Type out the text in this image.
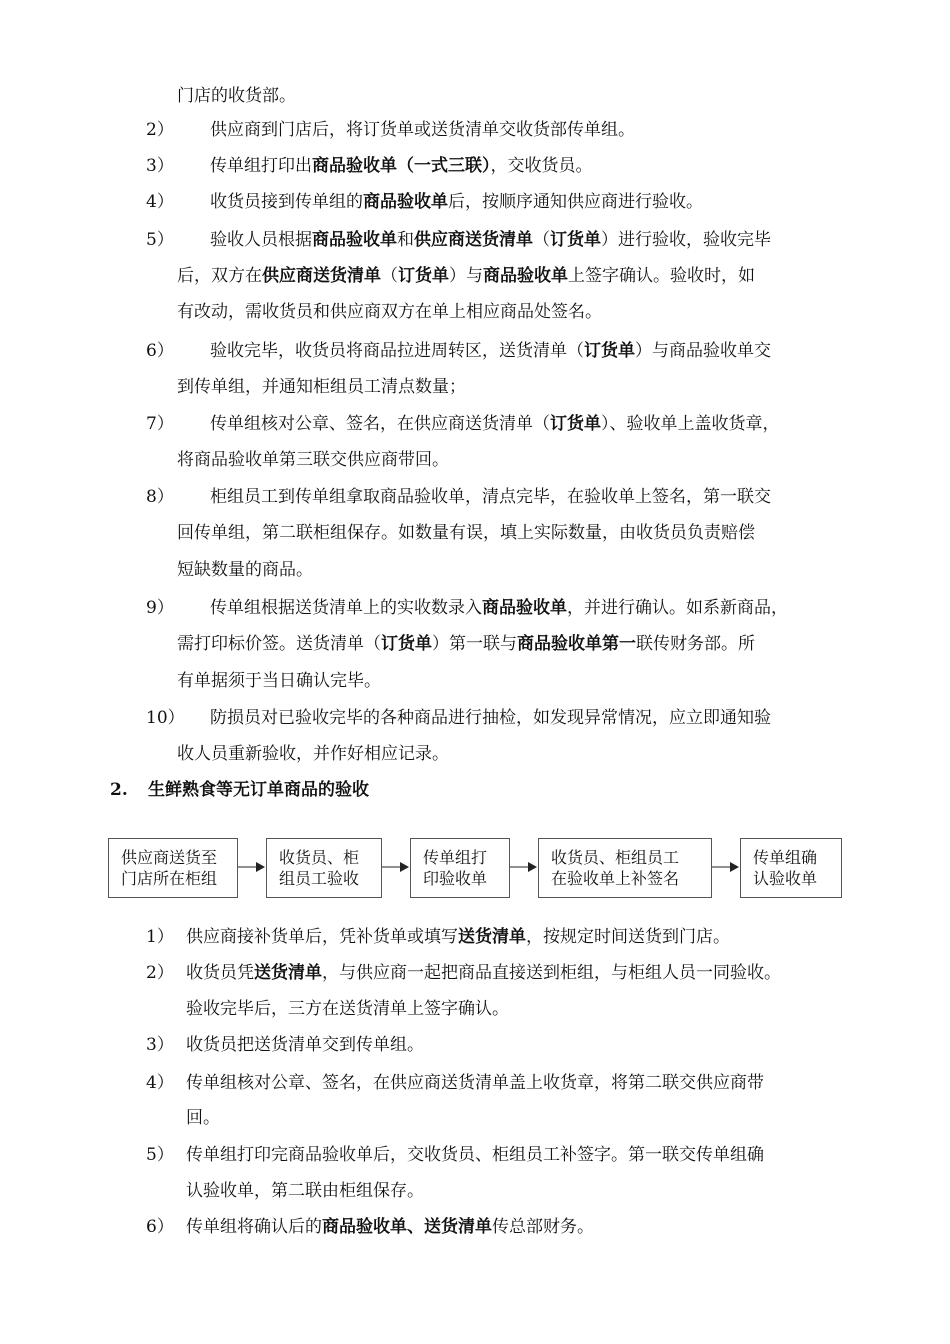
门店的收货部。
2） 供应商到门店后，将订货单或送货清单交收货部传单组。
3） 传单组打印出商品验收单（一式三联），交收货员。
4） 收货员接到传单组的商品验收单后，按顺序通知供应商进行验收。
5） 验收人员根据商品验收单和供应商送货清单（订货单）进行验收，验收完毕
后，双方在供应商送货清单（订货单）与商品验收单上签字确认。验收时，如
有改动，需收货员和供应商双方在单上相应商品处签名。
6） 验收完毕，收货员将商品拉进周转区，送货清单（订货单）与商品验收单交
到传单组，并通知柜组员工清点数量；
7） 传单组核对公章、签名，在供应商送货清单（订货单）、验收单上盖收货章，
将商品验收单第三联交供应商带回。
8） 柜组员工到传单组拿取商品验收单，清点完毕，在验收单上签名，第一联交
回传单组，第二联柜组保存。如数量有误，填上实际数量，由收货员负责赔偿
短缺数量的商品。
9） 传单组根据送货清单上的实收数录入商品验收单，并进行确认。如系新商品，
需打印标价签。送货清单（订货单）第一联与商品验收单第一联传财务部。所
有单据须于当日确认完毕。
10） 防损员对已验收完毕的各种商品进行抽检，如发现异常情况，应立即通知验
收人员重新验收，并作好相应记录。
2. 生鲜熟食等无订单商品的验收
供应商送货至
门店所在柜组
收货员、柜
组员工验收
传单组打
印验收单
收货员、柜组员工
在验收单上补签名
传单组确
认验收单
1） 供应商接补货单后，凭补货单或填写送货清单，按规定时间送货到门店。
2） 收货员凭送货清单，与供应商一起把商品直接送到柜组，与柜组人员一同验收。
验收完毕后，三方在送货清单上签字确认。
3） 收货员把送货清单交到传单组。
4） 传单组核对公章、签名，在供应商送货清单盖上收货章，将第二联交供应商带
回。
5） 传单组打印完商品验收单后，交收货员、柜组员工补签字。第一联交传单组确
认验收单，第二联由柜组保存。
6） 传单组将确认后的商品验收单、送货清单传总部财务。
